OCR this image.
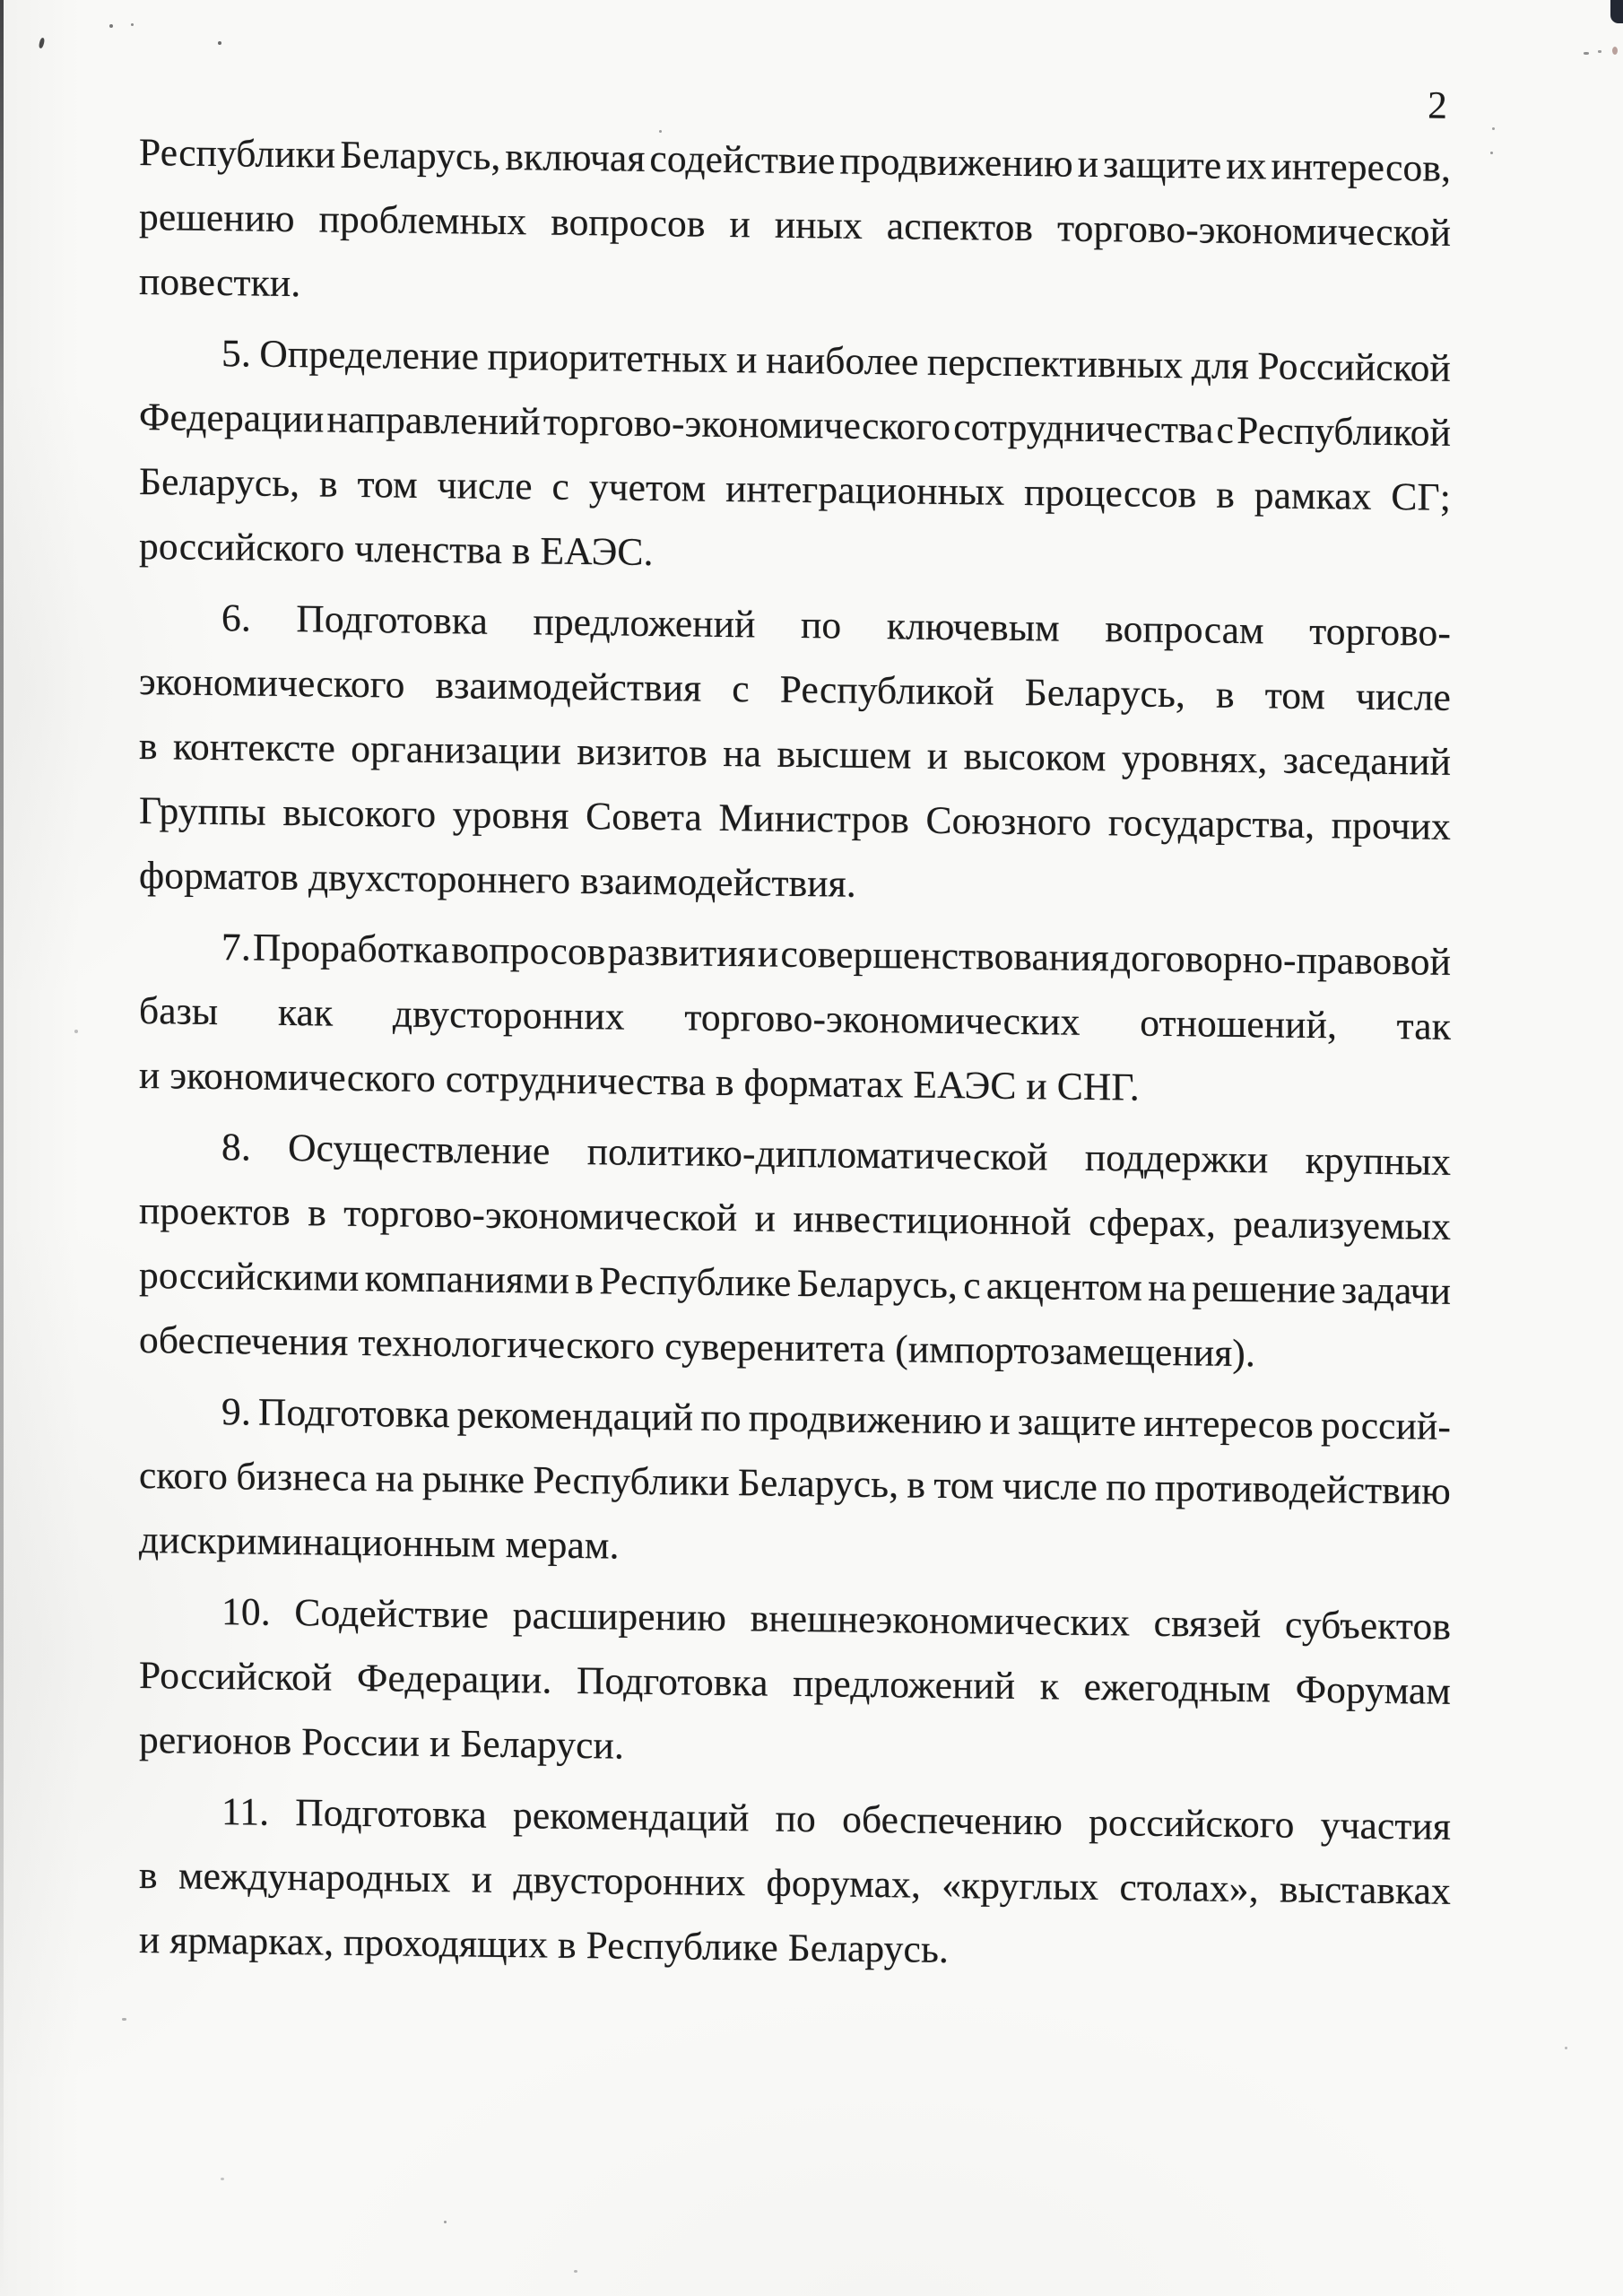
2
Республики Беларусь, включая содействие продвижению и защите их интересов,
решению проблемных вопросов и иных аспектов торгово-экономической
повестки.
5. Определение приоритетных и наиболее перспективных для Российской
Федерации направлений торгово-экономического сотрудничества с Республикой
Беларусь, в том числе с учетом интеграционных процессов в рамках СГ;
российского членства в ЕАЭС.
6. Подготовка предложений по ключевым вопросам торгово-
экономического взаимодействия с Республикой Беларусь, в том числе
в контексте организации визитов на высшем и высоком уровнях, заседаний
Группы высокого уровня Совета Министров Союзного государства, прочих
форматов двухстороннего взаимодействия.
7. Проработка вопросов развития и совершенствования договорно-правовой
базы как двусторонних торгово-экономических отношений, так
и экономического сотрудничества в форматах ЕАЭС и СНГ.
8. Осуществление политико-дипломатической поддержки крупных
проектов в торгово-экономической и инвестиционной сферах, реализуемых
российскими компаниями в Республике Беларусь, с акцентом на решение задачи
обеспечения технологического суверенитета (импортозамещения).
9. Подготовка рекомендаций по продвижению и защите интересов россий-
ского бизнеса на рынке Республики Беларусь, в том числе по противодействию
дискриминационным мерам.
10. Содействие расширению внешнеэкономических связей субъектов
Российской Федерации. Подготовка предложений к ежегодным Форумам
регионов России и Беларуси.
11. Подготовка рекомендаций по обеспечению российского участия
в международных и двусторонних форумах, «круглых столах», выставках
и ярмарках, проходящих в Республике Беларусь.
